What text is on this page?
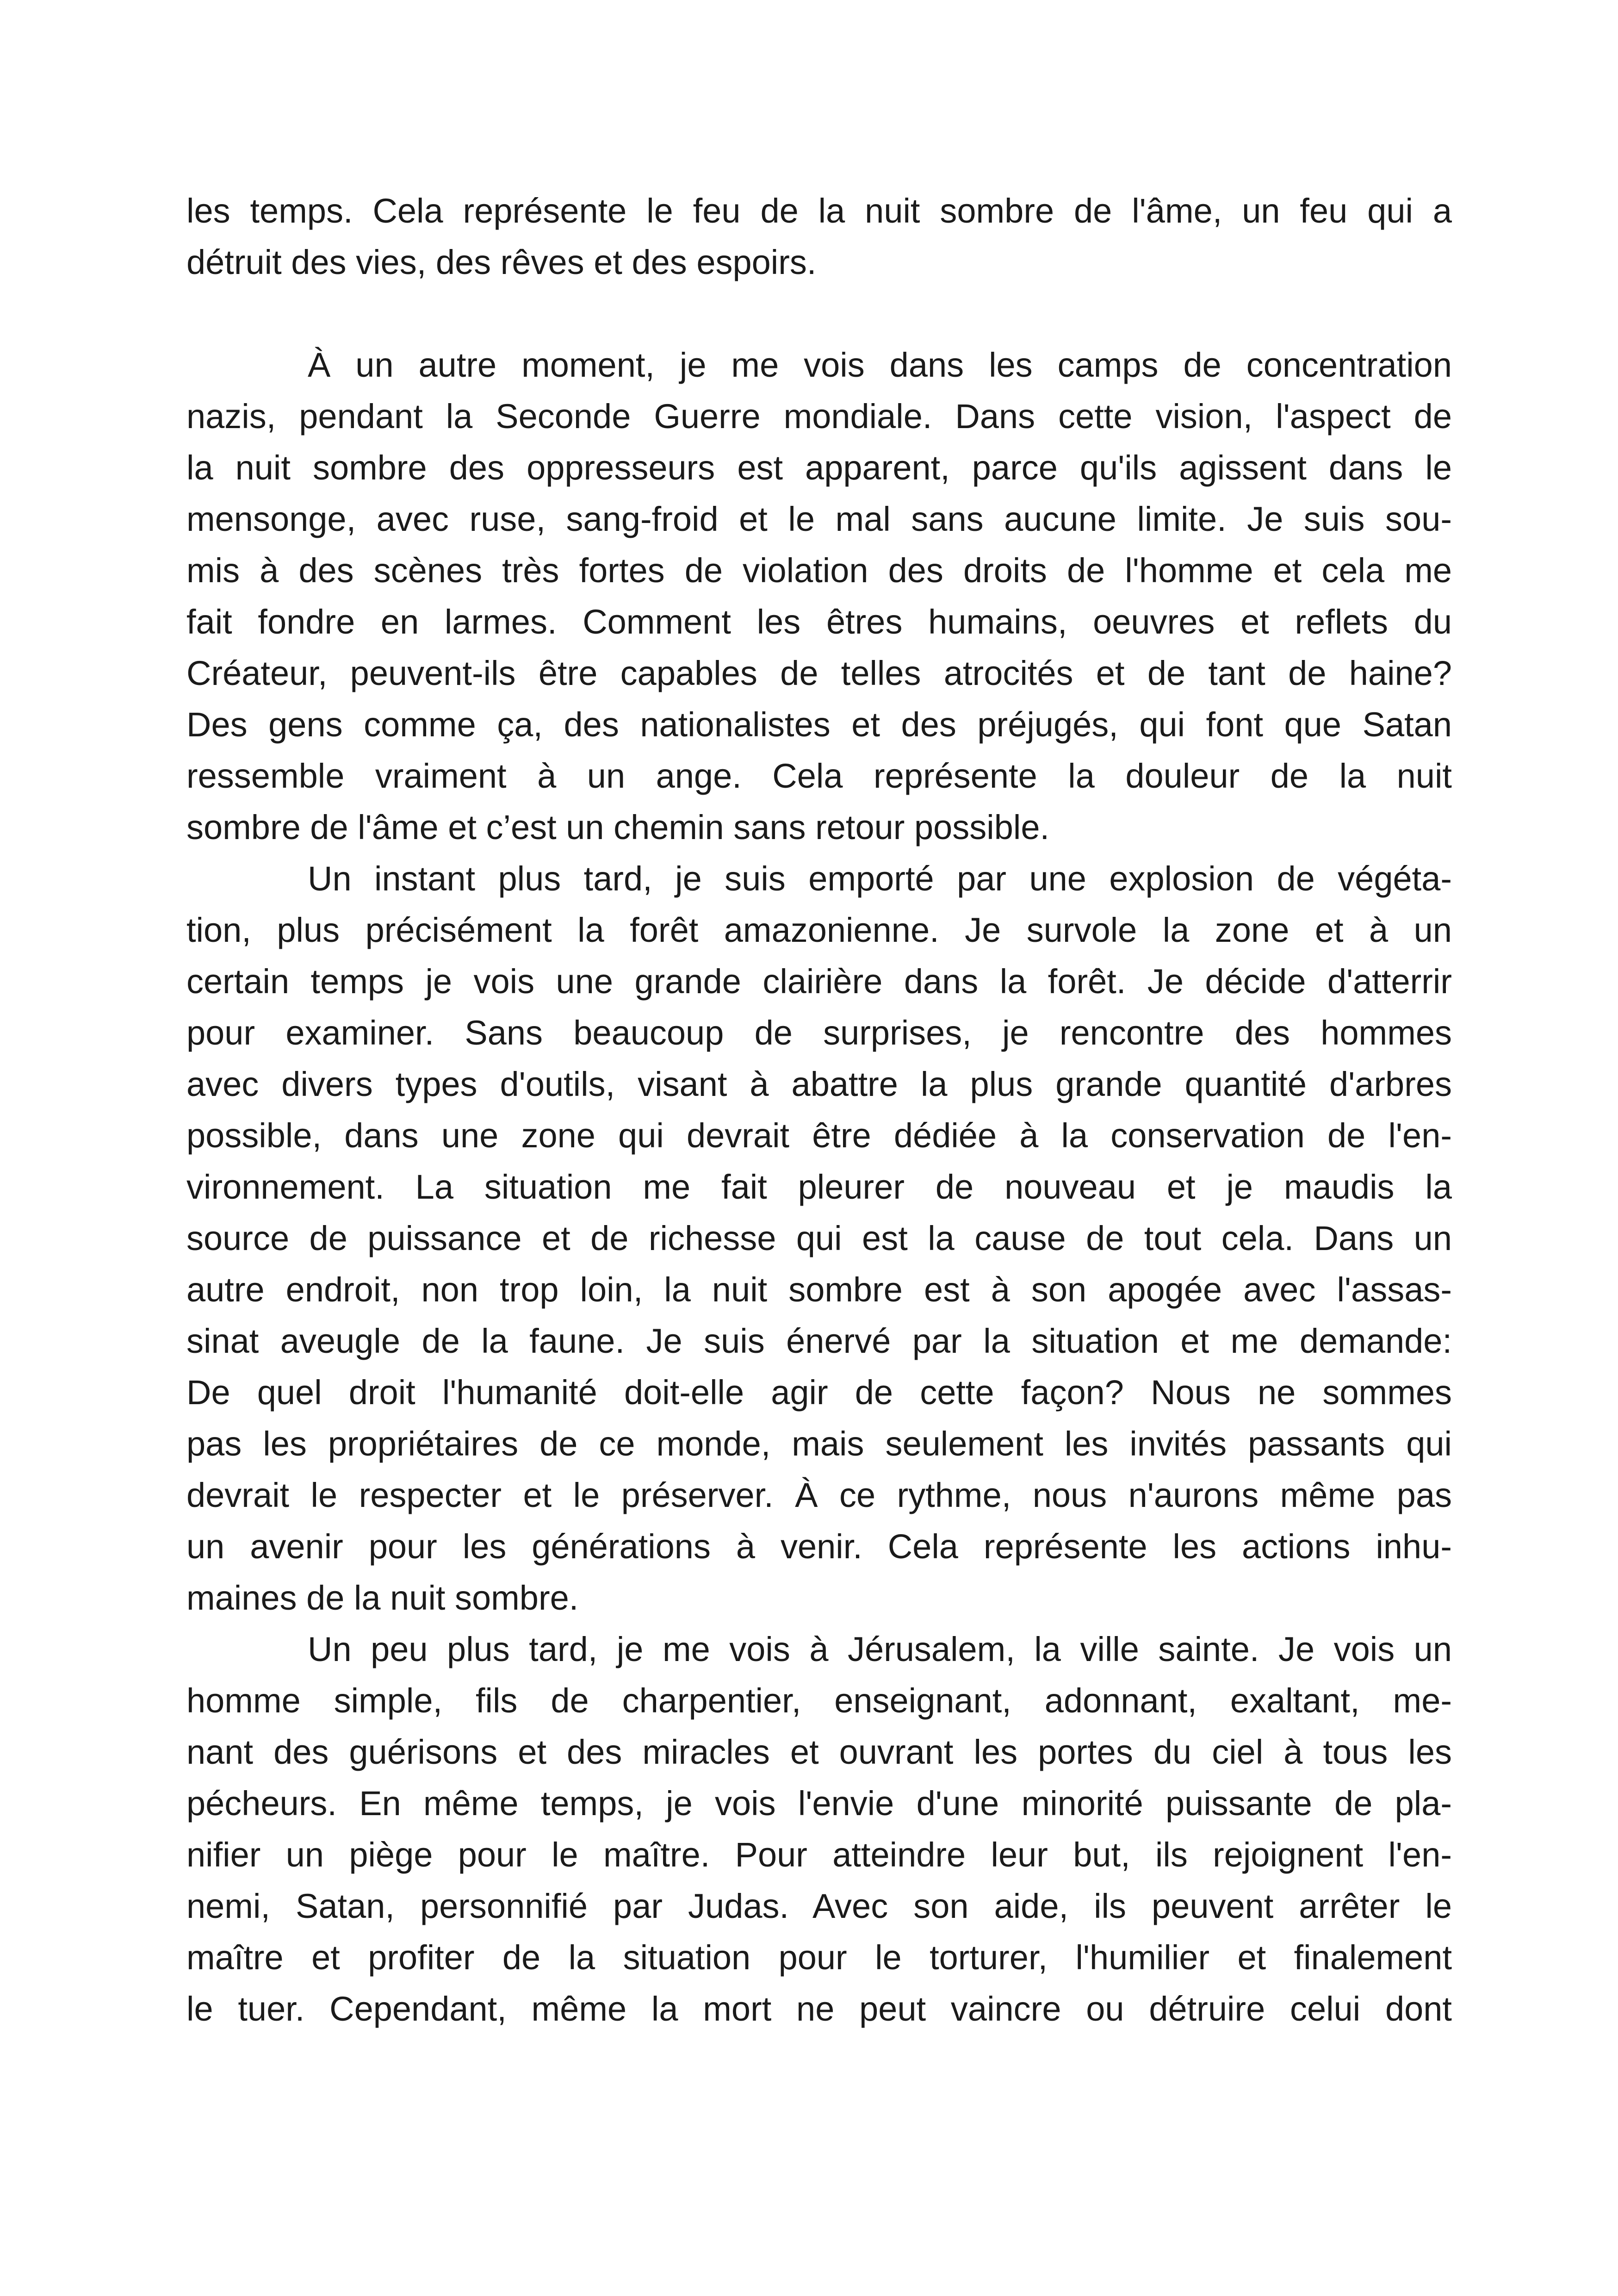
les temps. Cela représente le feu de la nuit sombre de l'âme, un feu qui a
détruit des vies, des rêves et des espoirs.
À un autre moment, je me vois dans les camps de concentration
nazis, pendant la Seconde Guerre mondiale. Dans cette vision, l'aspect de
la nuit sombre des oppresseurs est apparent, parce qu'ils agissent dans le
mensonge, avec ruse, sang-froid et le mal sans aucune limite. Je suis sou-
mis à des scènes très fortes de violation des droits de l'homme et cela me
fait fondre en larmes. Comment les êtres humains, oeuvres et reflets du
Créateur, peuvent-ils être capables de telles atrocités et de tant de haine?
Des gens comme ça, des nationalistes et des préjugés, qui font que Satan
ressemble vraiment à un ange. Cela représente la douleur de la nuit
sombre de l'âme et c’est un chemin sans retour possible.
Un instant plus tard, je suis emporté par une explosion de végéta-
tion, plus précisément la forêt amazonienne. Je survole la zone et à un
certain temps je vois une grande clairière dans la forêt. Je décide d'atterrir
pour examiner. Sans beaucoup de surprises, je rencontre des hommes
avec divers types d'outils, visant à abattre la plus grande quantité d'arbres
possible, dans une zone qui devrait être dédiée à la conservation de l'en-
vironnement. La situation me fait pleurer de nouveau et je maudis la
source de puissance et de richesse qui est la cause de tout cela. Dans un
autre endroit, non trop loin, la nuit sombre est à son apogée avec l'assas-
sinat aveugle de la faune. Je suis énervé par la situation et me demande:
De quel droit l'humanité doit-elle agir de cette façon? Nous ne sommes
pas les propriétaires de ce monde, mais seulement les invités passants qui
devrait le respecter et le préserver. À ce rythme, nous n'aurons même pas
un avenir pour les générations à venir. Cela représente les actions inhu-
maines de la nuit sombre.
Un peu plus tard, je me vois à Jérusalem, la ville sainte. Je vois un
homme simple, fils de charpentier, enseignant, adonnant, exaltant, me-
nant des guérisons et des miracles et ouvrant les portes du ciel à tous les
pécheurs. En même temps, je vois l'envie d'une minorité puissante de pla-
nifier un piège pour le maître. Pour atteindre leur but, ils rejoignent l'en-
nemi, Satan, personnifié par Judas. Avec son aide, ils peuvent arrêter le
maître et profiter de la situation pour le torturer, l'humilier et finalement
le tuer. Cependant, même la mort ne peut vaincre ou détruire celui dont
